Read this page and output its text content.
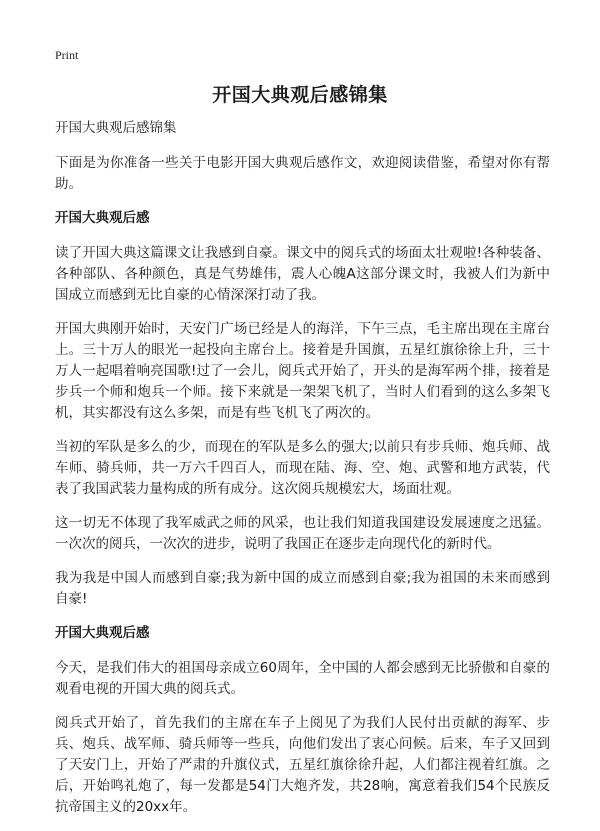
Print
开国大典观后感锦集

开国大典观后感锦集

下面是为你准备一些关于电影开国大典观后感作文，欢迎阅读借鉴，希望对你有帮助。

开国大典观后感

读了开国大典这篇课文让我感到自豪。课文中的阅兵式的场面太壮观啦!各种装备、各种部队、各种颜色，真是气势雄伟，震人心魄A这部分课文时，我被人们为新中国成立而感到无比自豪的心情深深打动了我。

开国大典刚开始时，天安门广场已经是人的海洋，下午三点，毛主席出现在主席台上。三十万人的眼光一起投向主席台上。接着是升国旗，五星红旗徐徐上升，三十万人一起唱着响亮国歌!过了一会儿，阅兵式开始了，开头的是海军两个排，接着是步兵一个师和炮兵一个师。接下来就是一架架飞机了，当时人们看到的这么多架飞机，其实都没有这么多架，而是有些飞机飞了两次的。

当初的军队是多么的少，而现在的军队是多么的强大;以前只有步兵师、炮兵师、战车师、骑兵师，共一万六千四百人，而现在陆、海、空、炮、武警和地方武装，代表了我国武装力量构成的所有成分。这次阅兵规模宏大，场面壮观。

这一切无不体现了我军威武之师的风采，也让我们知道我国建设发展速度之迅猛。一次次的阅兵，一次次的进步，说明了我国正在逐步走向现代化的新时代。

我为我是中国人而感到自豪;我为新中国的成立而感到自豪;我为祖国的未来而感到自豪!

开国大典观后感

今天，是我们伟大的祖国母亲成立60周年，全中国的人都会感到无比骄傲和自豪的观看电视的开国大典的阅兵式。

阅兵式开始了，首先我们的主席在车子上阅见了为我们人民付出贡献的海军、步兵、炮兵、战军师、骑兵师等一些兵，向他们发出了衷心问候。后来，车子又回到了天安门上，开始了严肃的升旗仪式，五星红旗徐徐升起，人们都注视着红旗。之后，开始鸣礼炮了，每一发都是54门大炮齐发，共28响，寓意着我们54个民族反抗帝国主义的20xx年。
